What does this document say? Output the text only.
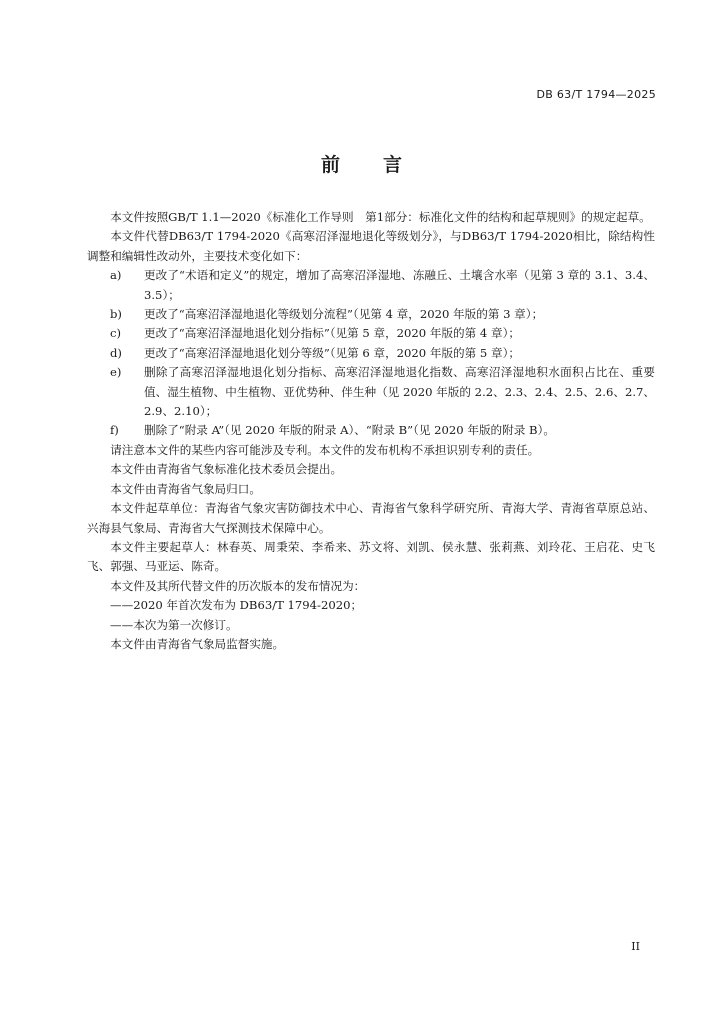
DB 63/T 1794—2025
前 言

本文件按照GB/T 1.1—2020《标准化工作导则　第1部分：标准化文件的结构和起草规则》的规定起草。

本文件代替DB63/T 1794-2020《高寒沼泽湿地退化等级划分》，与DB63/T 1794-2020相比，除结构性调整和编辑性改动外，主要技术变化如下：

a) 更改了“术语和定义”的规定，增加了高寒沼泽湿地、冻融丘、土壤含水率（见第 3 章的 3.1、3.4、3.5）；
b) 更改了“高寒沼泽湿地退化等级划分流程”（见第 4 章，2020 年版的第 3 章）；
c) 更改了“高寒沼泽湿地退化划分指标”（见第 5 章，2020 年版的第 4 章）；
d) 更改了“高寒沼泽湿地退化划分等级”（见第 6 章，2020 年版的第 5 章）；
e) 删除了高寒沼泽湿地退化划分指标、高寒沼泽湿地退化指数、高寒沼泽湿地积水面积占比在、重要值、湿生植物、中生植物、亚优势种、伴生种（见 2020 年版的 2.2、2.3、2.4、2.5、2.6、2.7、2.9、2.10）；
f) 删除了“附录 A”（见 2020 年版的附录 A）、“附录 B”（见 2020 年版的附录 B）。

请注意本文件的某些内容可能涉及专利。本文件的发布机构不承担识别专利的责任。

本文件由青海省气象标准化技术委员会提出。

本文件由青海省气象局归口。

本文件起草单位：青海省气象灾害防御技术中心、青海省气象科学研究所、青海大学、青海省草原总站、兴海县气象局、青海省大气探测技术保障中心。

本文件主要起草人：林春英、周秉荣、李希来、苏文将、刘凯、侯永慧、张莉燕、刘玲花、王启花、史飞飞、郭强、马亚运、陈奇。

本文件及其所代替文件的历次版本的发布情况为：

——2020 年首次发布为 DB63/T 1794-2020；

——本次为第一次修订。

本文件由青海省气象局监督实施。

II
